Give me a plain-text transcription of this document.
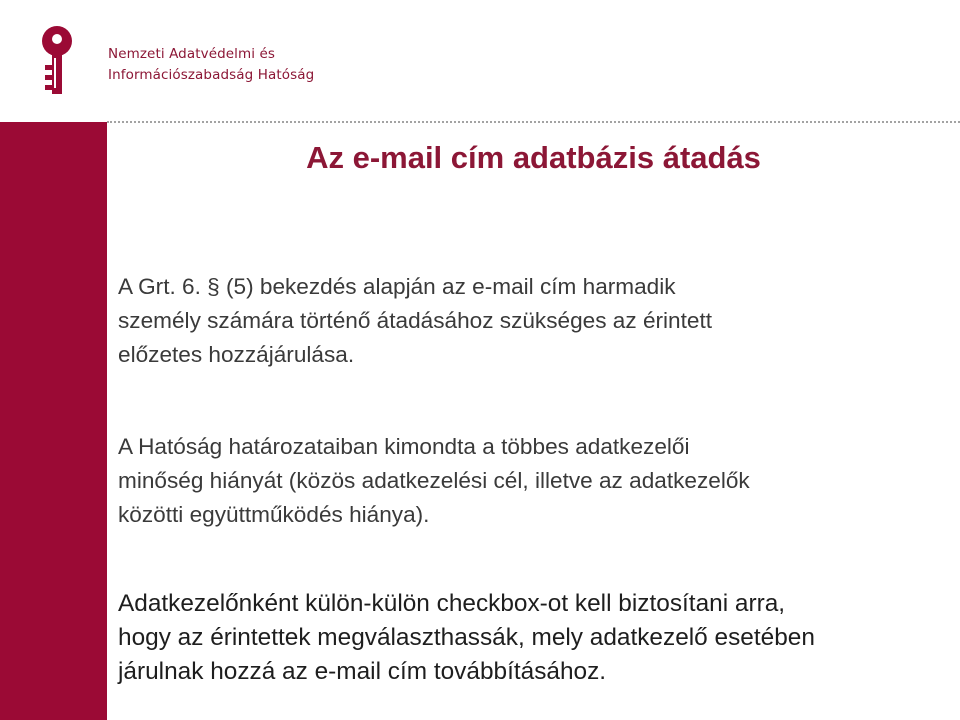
Nemzeti Adatvédelmi és
Információszabadság Hatóság
Az e-mail cím adatbázis átadás
A Grt. 6. § (5) bekezdés alapján az e-mail cím harmadik
személy számára történő átadásához szükséges az érintett
előzetes hozzájárulása.
A Hatóság határozataiban kimondta a többes adatkezelői
minőség hiányát (közös adatkezelési cél, illetve az adatkezelők
közötti együttműködés hiánya).
Adatkezelőnként külön-külön checkbox-ot kell biztosítani arra,
hogy az érintettek megválaszthassák, mely adatkezelő esetében
járulnak hozzá az e-mail cím továbbításához.
